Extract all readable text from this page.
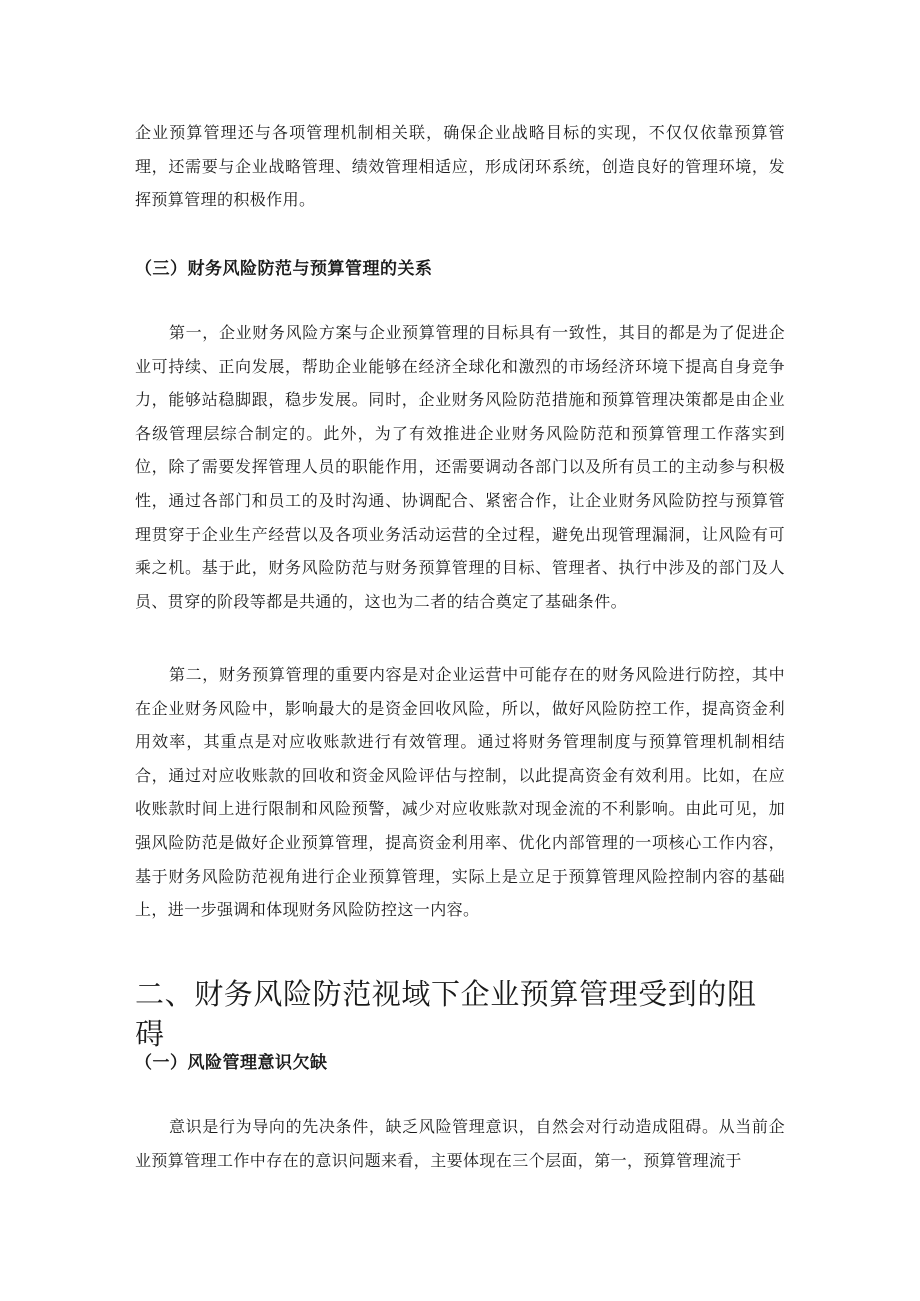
企业预算管理还与各项管理机制相关联，确保企业战略目标的实现，不仅仅依靠预算管理，还需要与企业战略管理、绩效管理相适应，形成闭环系统，创造良好的管理环境，发挥预算管理的积极作用。

（三）财务风险防范与预算管理的关系

第一，企业财务风险方案与企业预算管理的目标具有一致性，其目的都是为了促进企业可持续、正向发展，帮助企业能够在经济全球化和激烈的市场经济环境下提高自身竞争力，能够站稳脚跟，稳步发展。同时，企业财务风险防范措施和预算管理决策都是由企业各级管理层综合制定的。此外，为了有效推进企业财务风险防范和预算管理工作落实到位，除了需要发挥管理人员的职能作用，还需要调动各部门以及所有员工的主动参与积极性，通过各部门和员工的及时沟通、协调配合、紧密合作，让企业财务风险防控与预算管理贯穿于企业生产经营以及各项业务活动运营的全过程，避免出现管理漏洞，让风险有可乘之机。基于此，财务风险防范与财务预算管理的目标、管理者、执行中涉及的部门及人员、贯穿的阶段等都是共通的，这也为二者的结合奠定了基础条件。

第二，财务预算管理的重要内容是对企业运营中可能存在的财务风险进行防控，其中在企业财务风险中，影响最大的是资金回收风险，所以，做好风险防控工作，提高资金利用效率，其重点是对应收账款进行有效管理。通过将财务管理制度与预算管理机制相结合，通过对应收账款的回收和资金风险评估与控制，以此提高资金有效利用。比如，在应收账款时间上进行限制和风险预警，减少对应收账款对现金流的不利影响。由此可见，加强风险防范是做好企业预算管理，提高资金利用率、优化内部管理的一项核心工作内容，基于财务风险防范视角进行企业预算管理，实际上是立足于预算管理风险控制内容的基础上，进一步强调和体现财务风险防控这一内容。

二、财务风险防范视域下企业预算管理受到的阻碍
（一）风险管理意识欠缺

意识是行为导向的先决条件，缺乏风险管理意识，自然会对行动造成阻碍。从当前企业预算管理工作中存在的意识问题来看，主要体现在三个层面，第一，预算管理流于
